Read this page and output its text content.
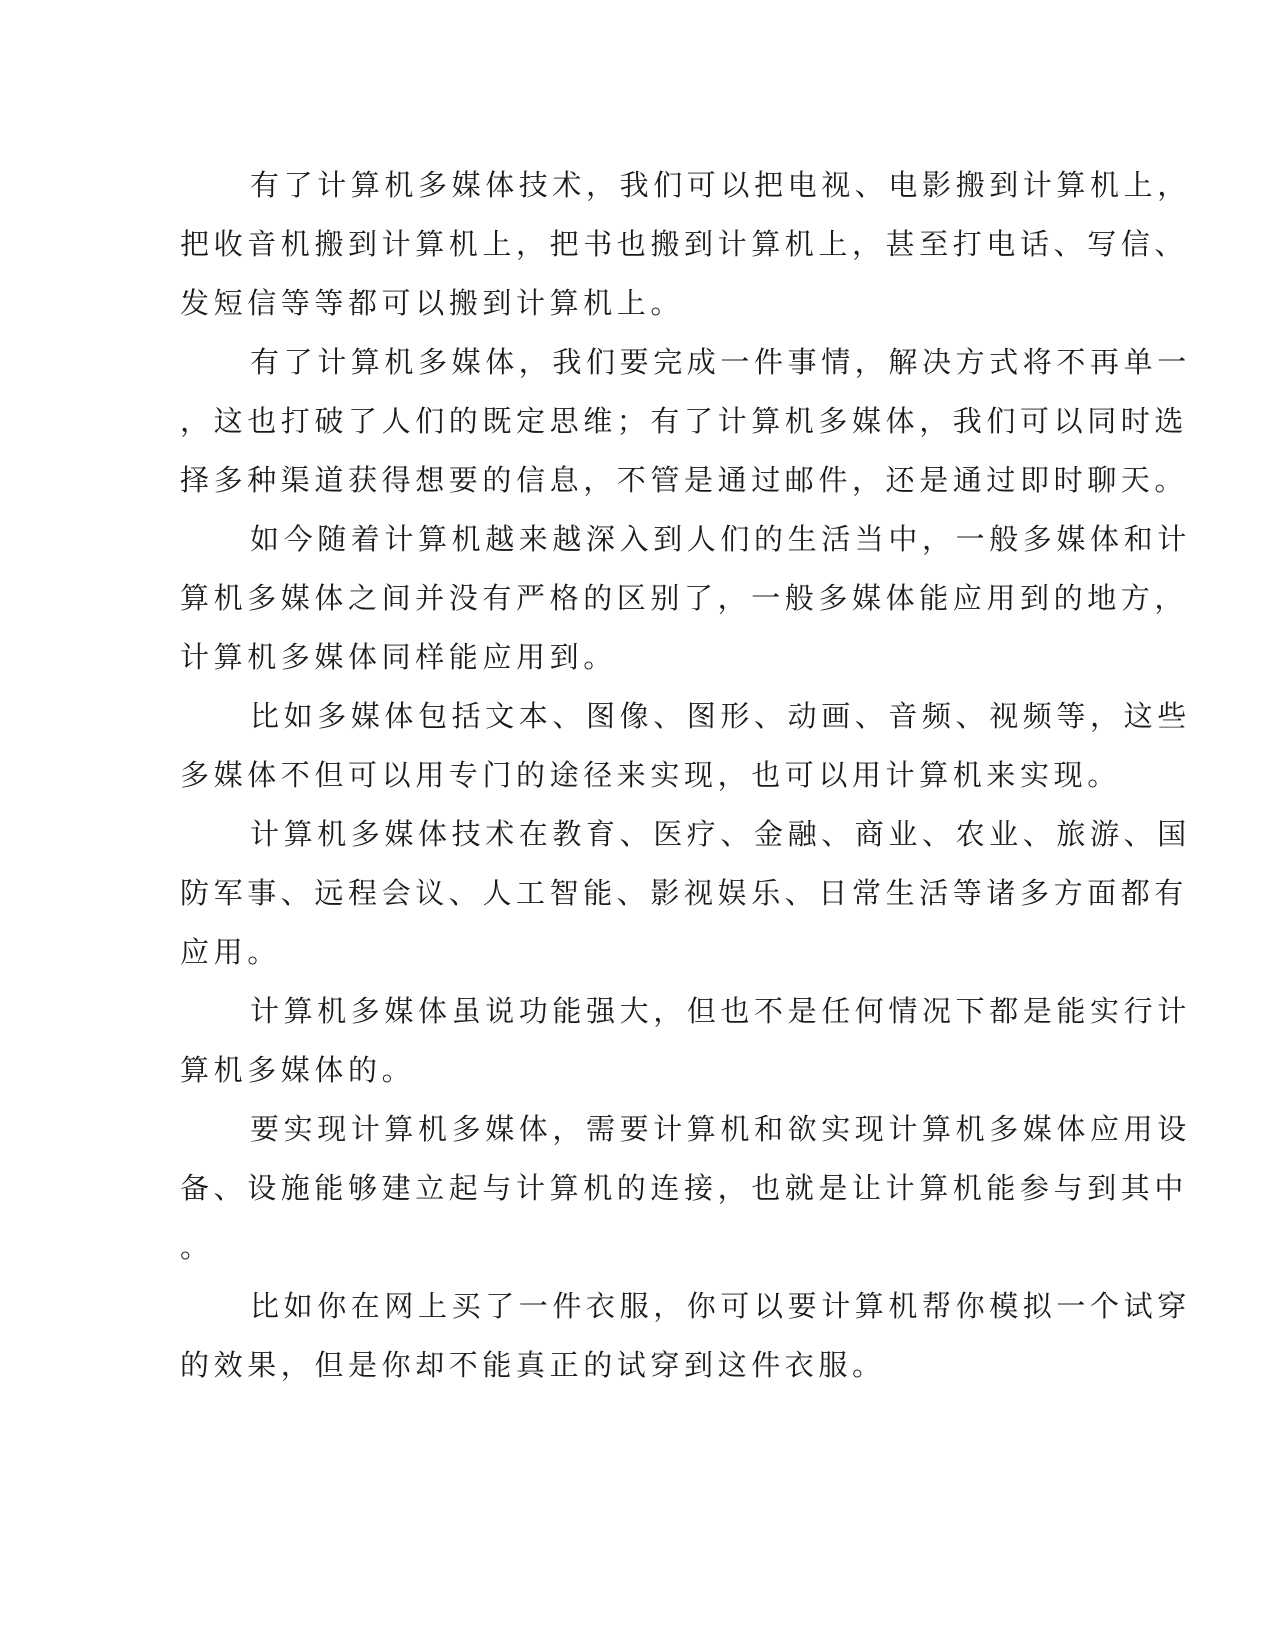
有了计算机多媒体技术，我们可以把电视、电影搬到计算机上，
把收音机搬到计算机上，把书也搬到计算机上，甚至打电话、写信、
发短信等等都可以搬到计算机上。

有了计算机多媒体，我们要完成一件事情，解决方式将不再单一
，这也打破了人们的既定思维；有了计算机多媒体，我们可以同时选
择多种渠道获得想要的信息，不管是通过邮件，还是通过即时聊天。

如今随着计算机越来越深入到人们的生活当中，一般多媒体和计
算机多媒体之间并没有严格的区别了，一般多媒体能应用到的地方，
计算机多媒体同样能应用到。

比如多媒体包括文本、图像、图形、动画、音频、视频等，这些
多媒体不但可以用专门的途径来实现，也可以用计算机来实现。

计算机多媒体技术在教育、医疗、金融、商业、农业、旅游、国
防军事、远程会议、人工智能、影视娱乐、日常生活等诸多方面都有
应用。

计算机多媒体虽说功能强大，但也不是任何情况下都是能实行计
算机多媒体的。

要实现计算机多媒体，需要计算机和欲实现计算机多媒体应用设
备、设施能够建立起与计算机的连接，也就是让计算机能参与到其中
。

比如你在网上买了一件衣服，你可以要计算机帮你模拟一个试穿
的效果，但是你却不能真正的试穿到这件衣服。
